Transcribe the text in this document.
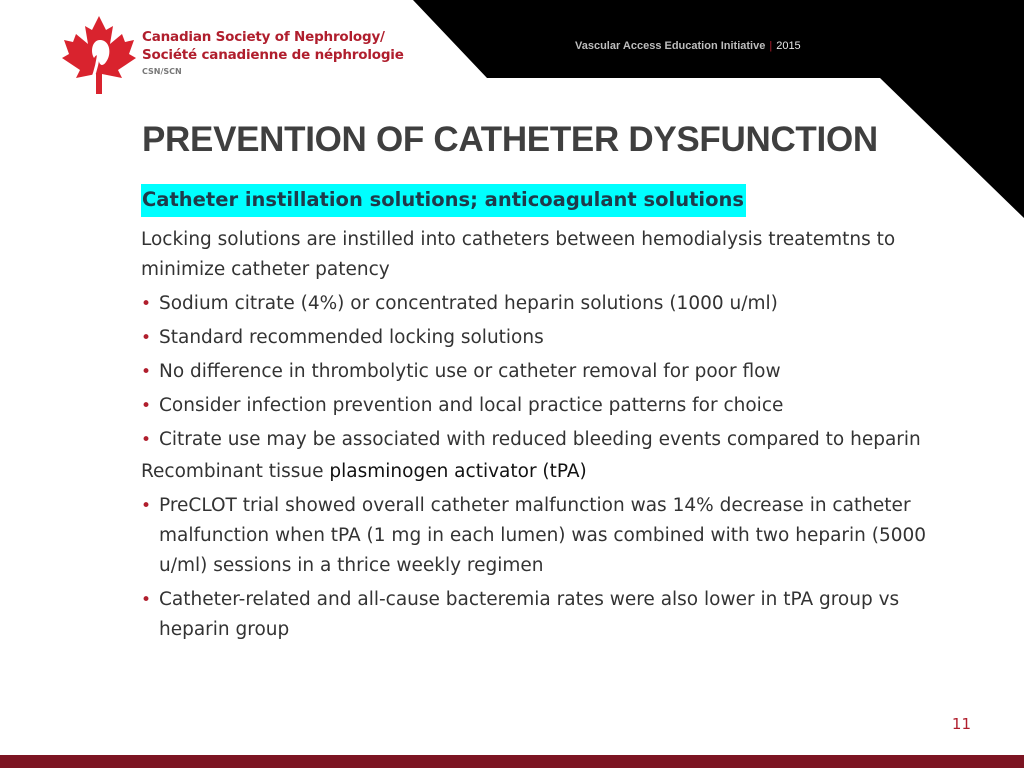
Canadian Society of Nephrology/
Société canadienne de néphrologie
CSN/SCN
Vascular Access Education Initiative | 2015
PREVENTION OF CATHETER DYSFUNCTION
Catheter instillation solutions; anticoagulant solutions
Locking solutions are instilled into catheters between hemodialysis treatemtns to minimize catheter patency
• Sodium citrate (4%) or concentrated heparin solutions (1000 u/ml)
• Standard recommended locking solutions
• No difference in thrombolytic use or catheter removal for poor flow
• Consider infection prevention and local practice patterns for choice
• Citrate use may be associated with reduced bleeding events compared to heparin
Recombinant tissue plasminogen activator (tPA)
• PreCLOT trial showed overall catheter malfunction was 14% decrease in catheter malfunction when tPA (1 mg in each lumen) was combined with two heparin (5000 u/ml) sessions in a thrice weekly regimen
• Catheter-related and all-cause bacteremia rates were also lower in tPA group vs heparin group
11
